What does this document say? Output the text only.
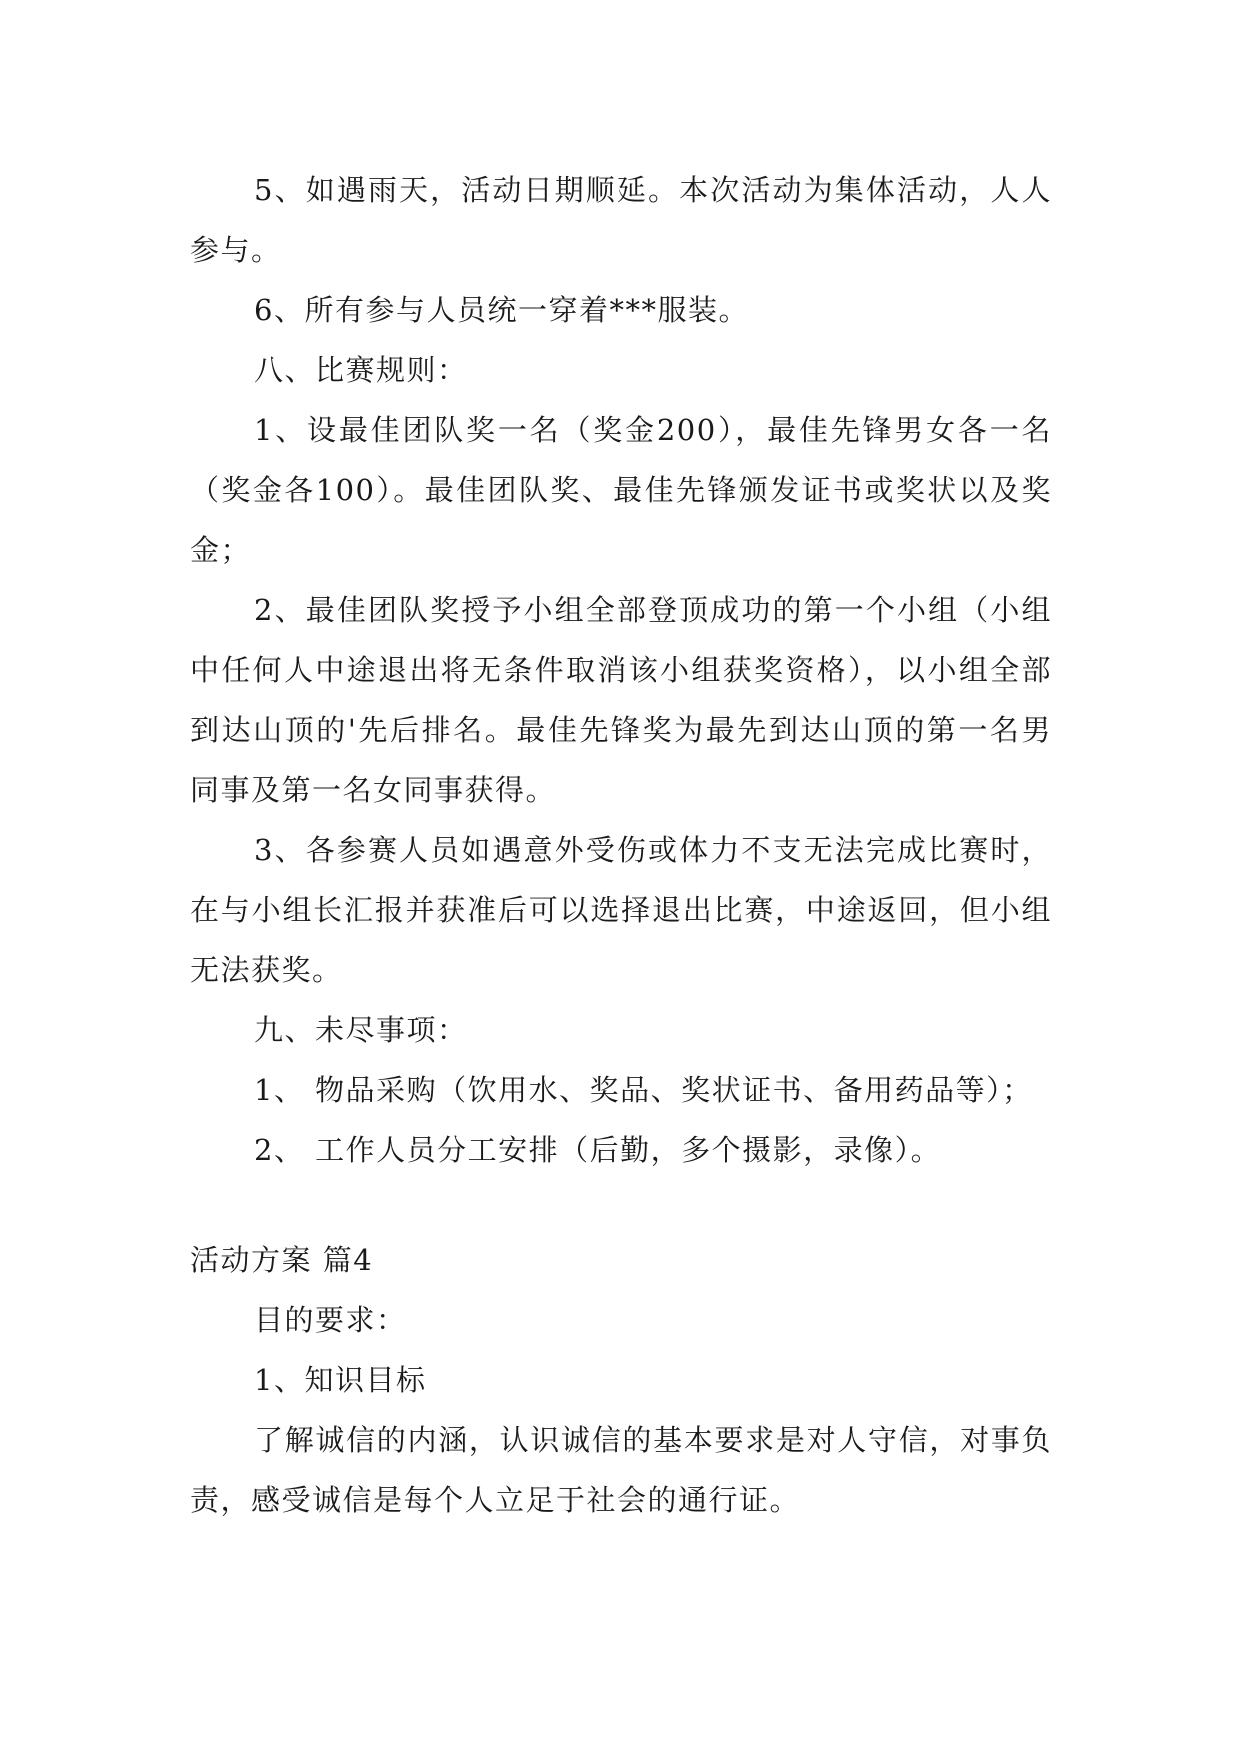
5、如遇雨天，活动日期顺延。本次活动为集体活动，人人参与。

6、所有参与人员统一穿着***服装。

八、比赛规则：

1、设最佳团队奖一名（奖金200），最佳先锋男女各一名（奖金各100）。最佳团队奖、最佳先锋颁发证书或奖状以及奖金；

2、最佳团队奖授予小组全部登顶成功的第一个小组（小组中任何人中途退出将无条件取消该小组获奖资格），以小组全部到达山顶的'先后排名。最佳先锋奖为最先到达山顶的第一名男同事及第一名女同事获得。

3、各参赛人员如遇意外受伤或体力不支无法完成比赛时，在与小组长汇报并获准后可以选择退出比赛，中途返回，但小组无法获奖。

九、未尽事项：

1、 物品采购（饮用水、奖品、奖状证书、备用药品等）；

2、 工作人员分工安排（后勤，多个摄影，录像）。

活动方案 篇4

目的要求：

1、知识目标

了解诚信的内涵，认识诚信的基本要求是对人守信，对事负责，感受诚信是每个人立足于社会的通行证。
